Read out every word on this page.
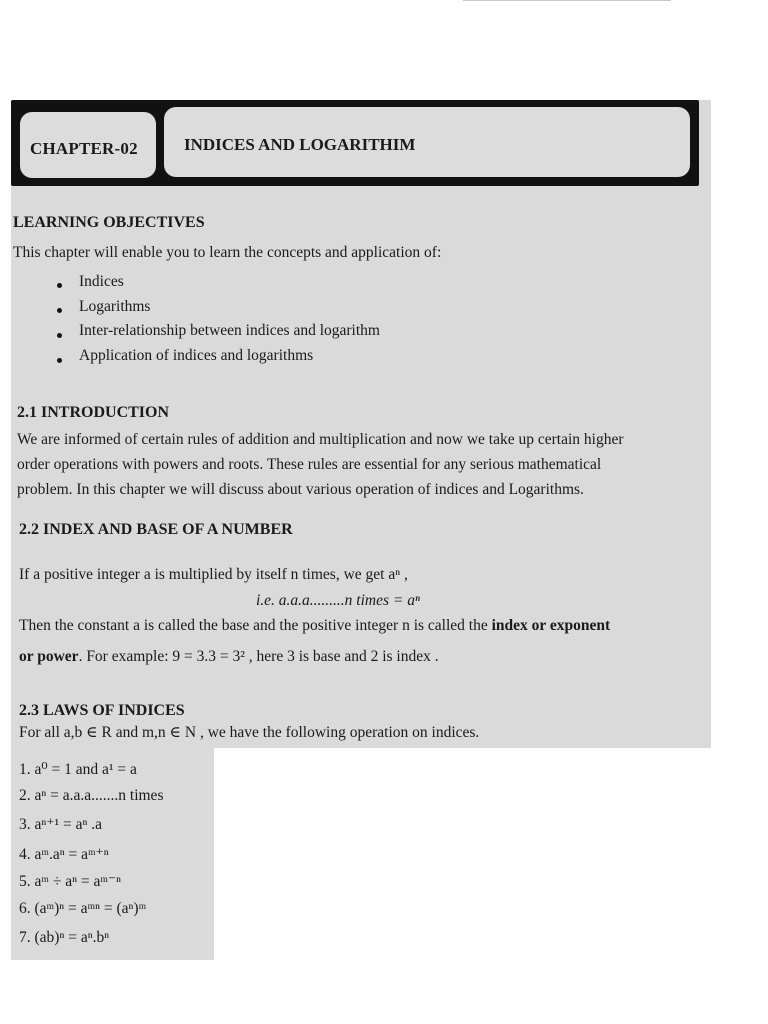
CHAPTER-02	INDICES AND LOGARITHIM
LEARNING OBJECTIVES
This chapter will enable you to learn the concepts and application of:
Indices
Logarithms
Inter-relationship between indices and logarithm
Application of indices and logarithms
2.1 INTRODUCTION
We are informed of certain rules of addition and multiplication and now we take up certain higher
order operations with powers and roots. These rules are essential for any serious mathematical
problem. In this chapter we will discuss about various operation of indices and Logarithms.
2.2 INDEX AND BASE OF A NUMBER
If a positive integer a is multiplied by itself n times, we get aⁿ ,
i.e. a.a.a.........n times = aⁿ
Then the constant a is called the base and the positive integer n is called the index or exponent
or power. For example: 9 = 3.3 = 3² , here 3 is base and 2 is index .
2.3 LAWS OF INDICES
For all a,b ∈ R and m,n ∈ N , we have the following operation on indices.
1. a⁰ = 1 and a¹ = a
2. aⁿ = a.a.a.......n times
3. aⁿ⁺¹ = aⁿ .a
4. aᵐ.aⁿ = aᵐ⁺ⁿ
5. aᵐ ÷ aⁿ = aᵐ⁻ⁿ
6. (aᵐ)ⁿ = aᵐⁿ = (aⁿ)ᵐ
7. (ab)ⁿ = aⁿ.bⁿ
